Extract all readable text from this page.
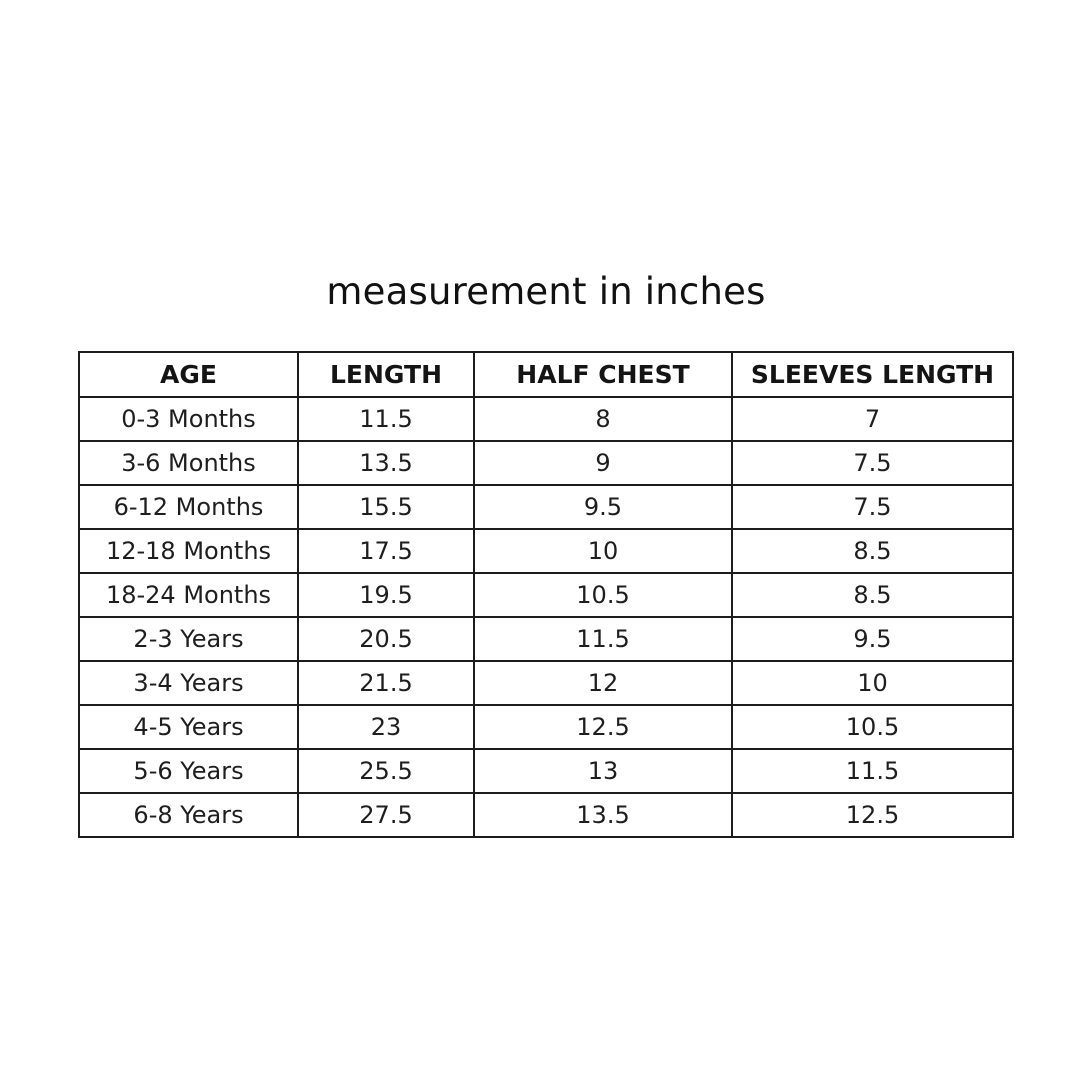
measurement in inches
AGE	LENGTH	HALF CHEST	SLEEVES LENGTH
0-3 Months	11.5	8	7
3-6 Months	13.5	9	7.5
6-12 Months	15.5	9.5	7.5
12-18 Months	17.5	10	8.5
18-24 Months	19.5	10.5	8.5
2-3 Years	20.5	11.5	9.5
3-4 Years	21.5	12	10
4-5 Years	23	12.5	10.5
5-6 Years	25.5	13	11.5
6-8 Years	27.5	13.5	12.5
